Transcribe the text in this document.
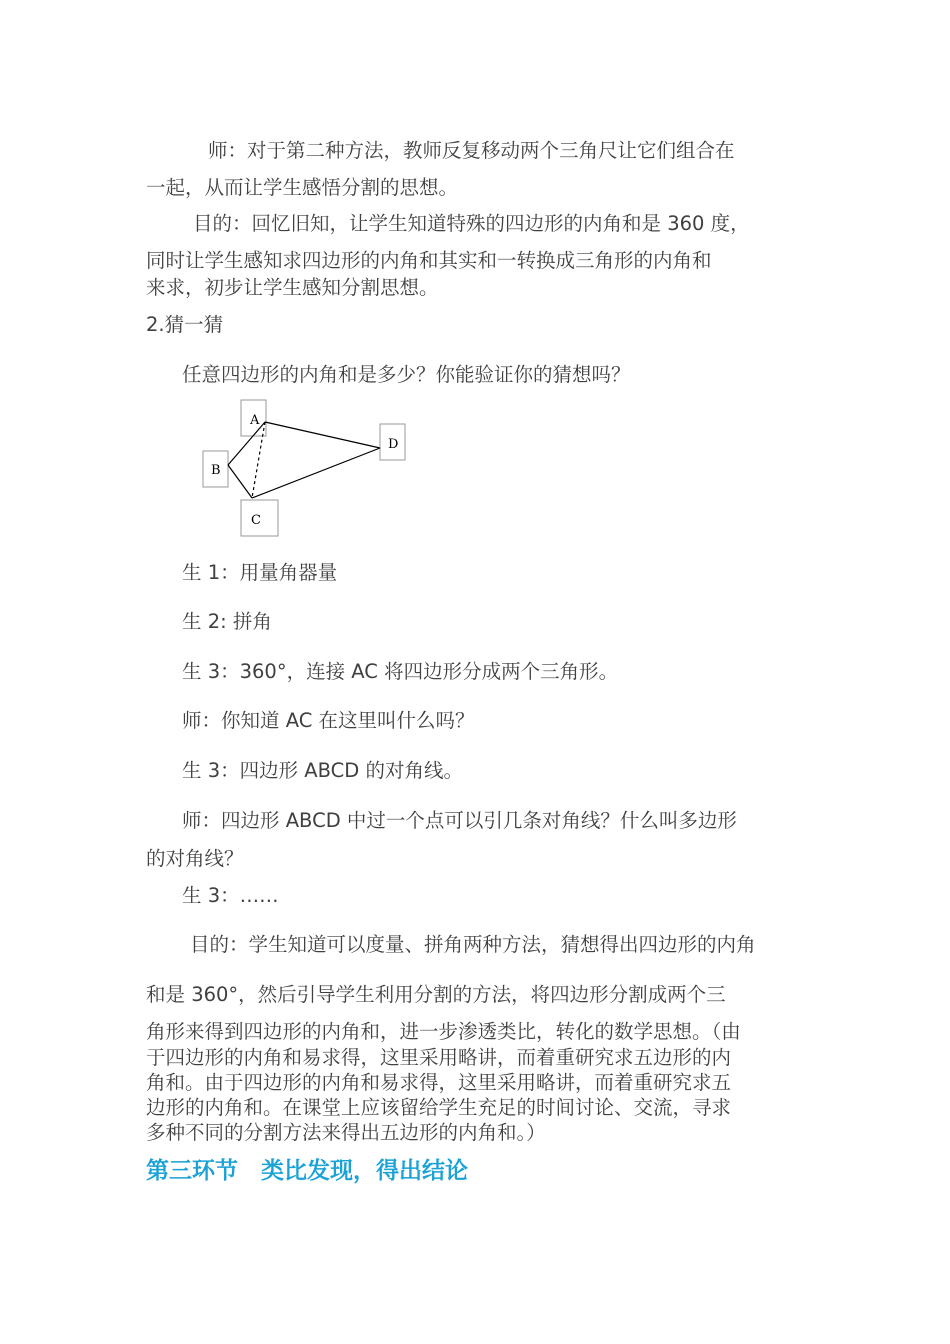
师：对于第二种方法，教师反复移动两个三角尺让它们组合在

一起，从而让学生感悟分割的思想。

目的：回忆旧知，让学生知道特殊的四边形的内角和是 360 度，

同时让学生感知求四边形的内角和其实和一转换成三角形的内角和

来求，初步让学生感知分割思想。

2.猜一猜

任意四边形的内角和是多少？你能验证你的猜想吗？

A
B
C
D

生 1：用量角器量

生 2: 拼角

生 3：360°，连接 AC 将四边形分成两个三角形。

师：你知道 AC 在这里叫什么吗？

生 3：四边形 ABCD 的对角线。

师：四边形 ABCD 中过一个点可以引几条对角线？什么叫多边形

的对角线？

生 3：……

目的：学生知道可以度量、拼角两种方法，猜想得出四边形的内角

和是 360°，然后引导学生利用分割的方法，将四边形分割成两个三

角形来得到四边形的内角和，进一步渗透类比，转化的数学思想。（由

于四边形的内角和易求得，这里采用略讲，而着重研究求五边形的内

角和。由于四边形的内角和易求得，这里采用略讲，而着重研究求五

边形的内角和。在课堂上应该留给学生充足的时间讨论、交流，寻求

多种不同的分割方法来得出五边形的内角和。）

第三环节　类比发现，得出结论
